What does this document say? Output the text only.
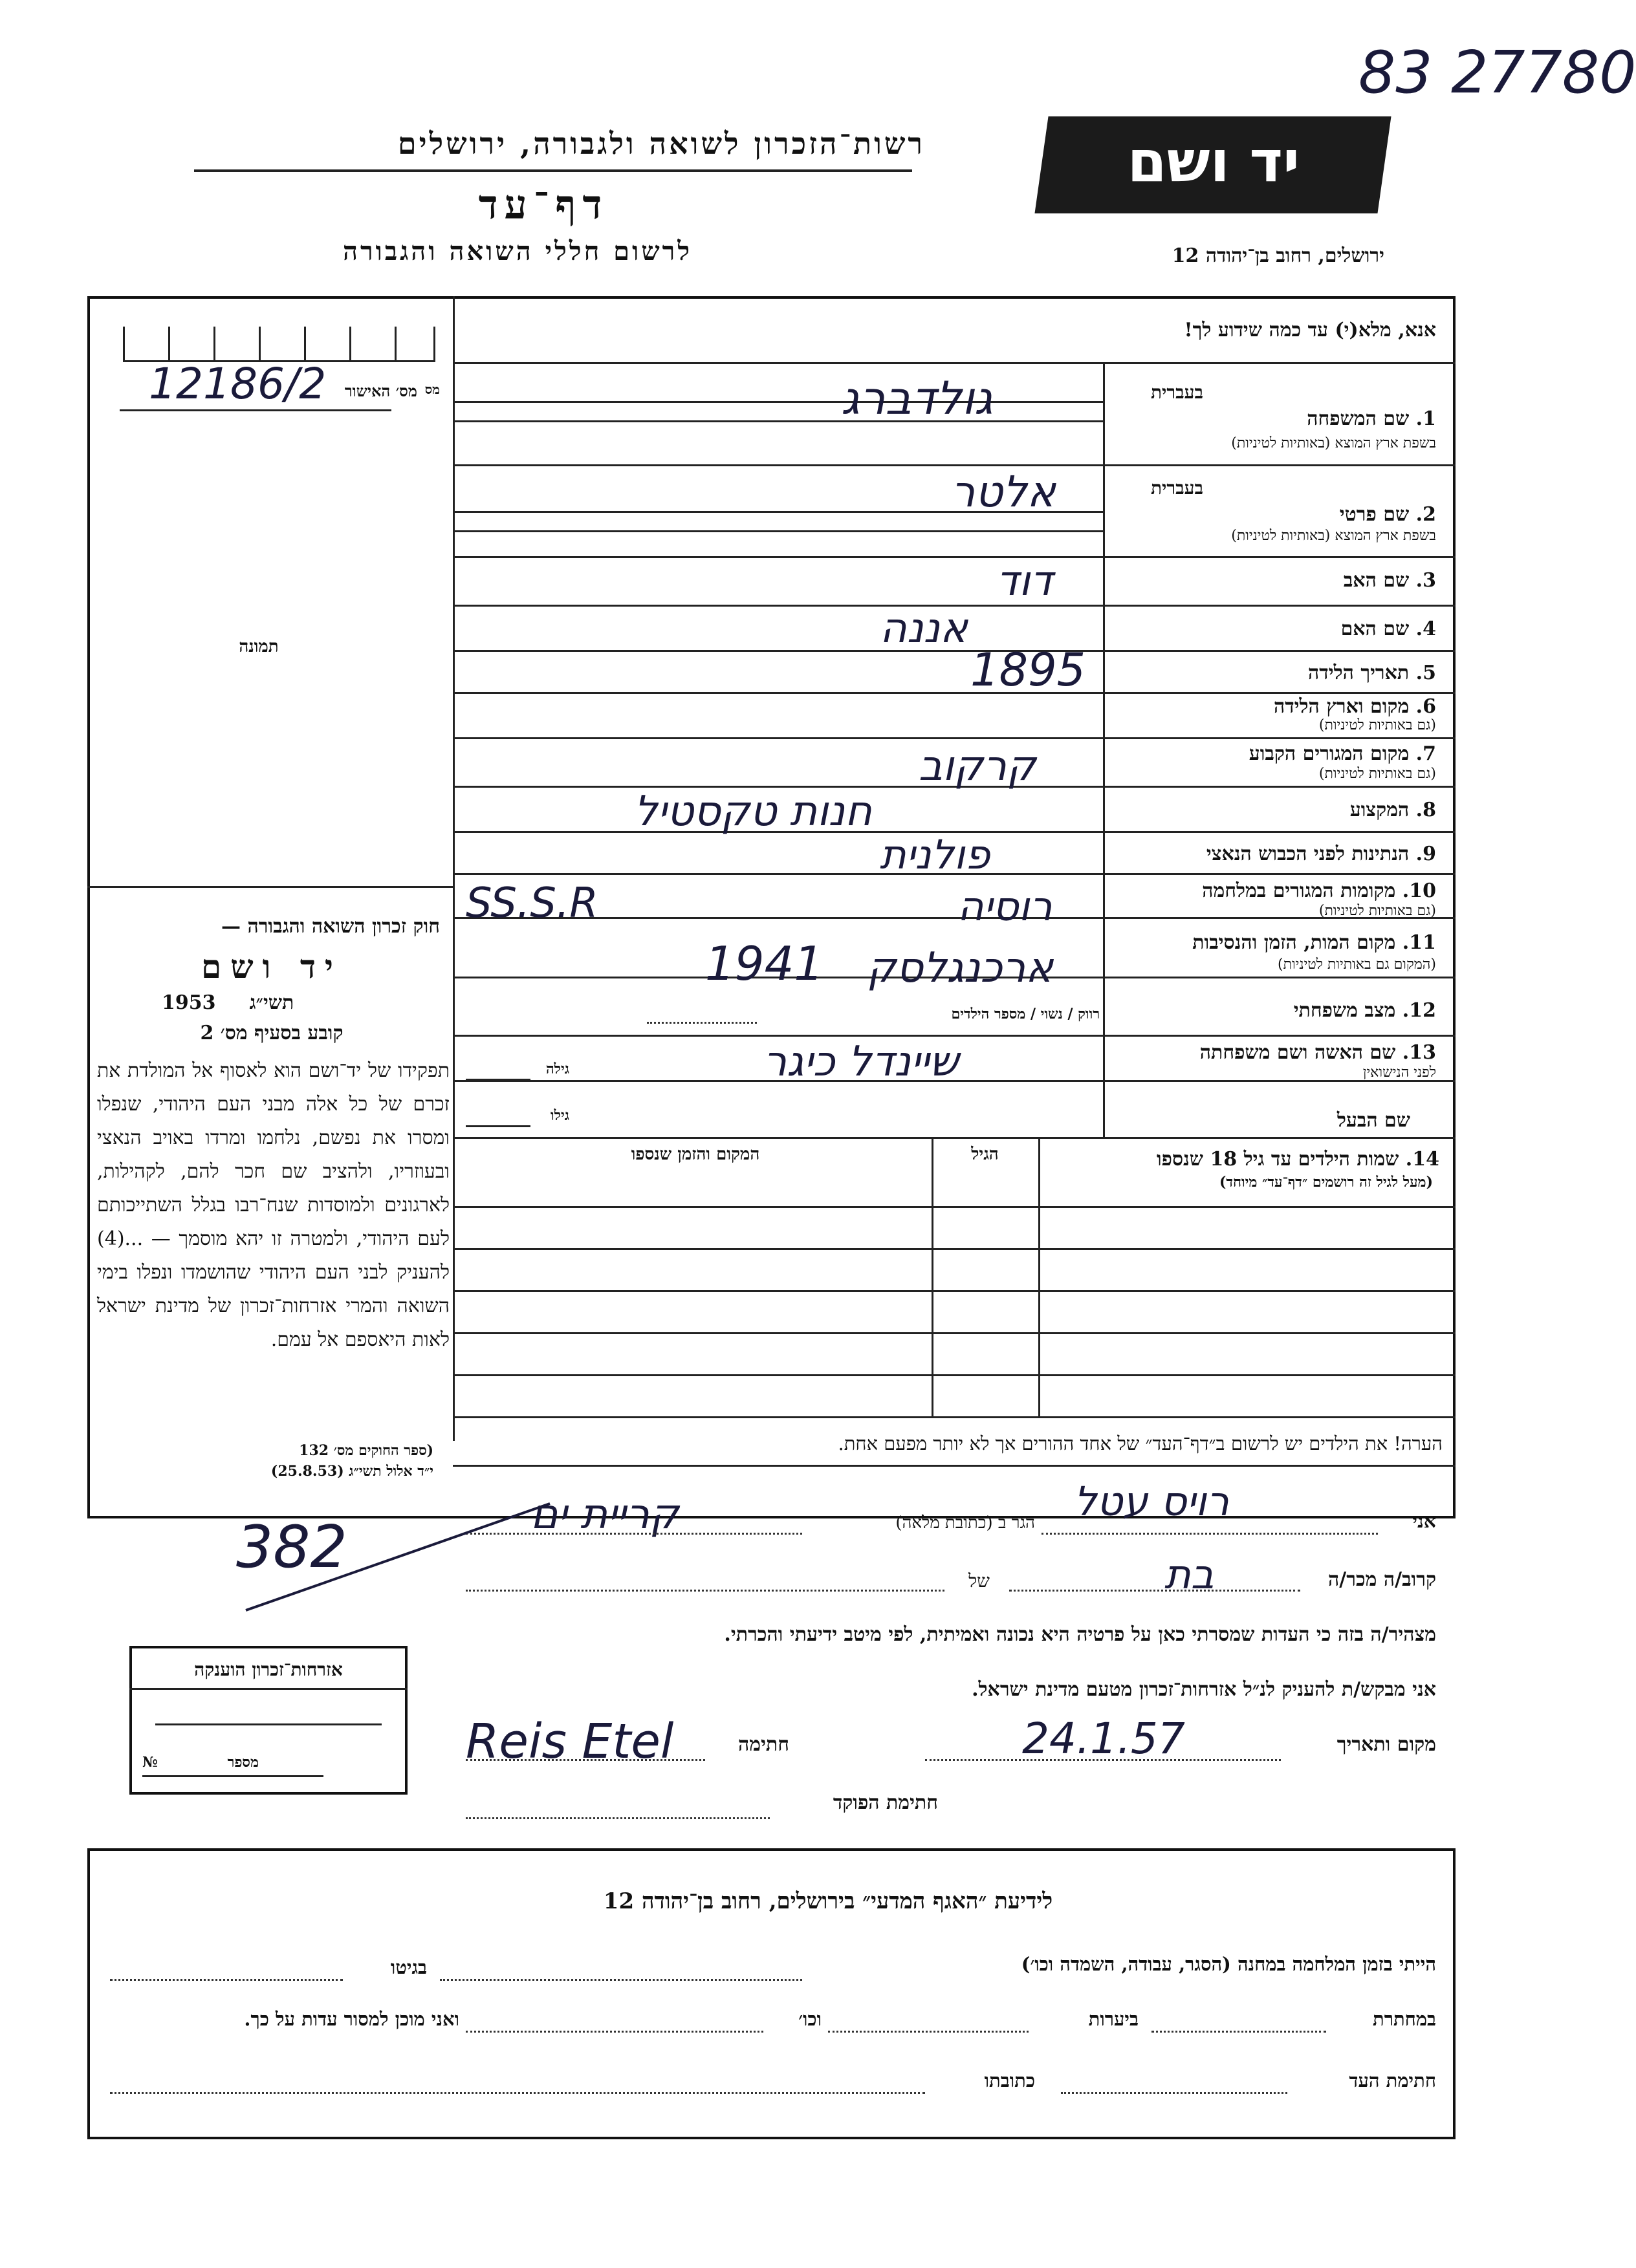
83 27780
רשות־הזכרון לשואה ולגבורה, ירושלים
דף־עד
לרשום חללי השואה והגבורה
יד ושם
ירושלים, רחוב בן־יהודה 12
אנא, מלא(י) עד כמה שידוע לך!
12186/2	מס׳ האישור מס
תמונה
חוק זכרון השואה והגבורה —
יד ושם
תשי״ג
1953
קובע בסעיף מס׳ 2
תפקידו של יד־ושם הוא לאסוף אל המולדת את זכרם של כל אלה מבני העם היהודי, שנפלו ומסרו את נפשם, נלחמו ומרדו באויב הנאצי ובעוזריו, ולהציב שם חכר להם, לקהילות, לארגונים ולמוסדות שנח־רבו בגלל השתייכותם לעם היהודי, ולמטרה זו יהא מוסמך — ...(4) להעניק לבני העם היהודי שהושמדו ונפלו בימי השואה והמרי אזרחות־זכרון של מדינת ישראל לאות היאספם אל עמם.
(ספר החוקים מס׳ 132
י״ד אלול תשי״ג (25.8.53)
בעברית
1. שם המשפחה
בשפת ארץ המוצא (באותיות לטיניות)
גולדברג
בעברית
2. שם פרטי
בשפת ארץ המוצא (באותיות לטיניות)
אלטר
3. שם האב
דוד
4. שם האם
אננה
5. תאריך הלידה
1895
6. מקום וארץ הלידה
(גם באותיות לטיניות)
7. מקום המגורים הקבוע
(גם באותיות לטיניות)
קרקוב
8. המקצוע
חנות טקסטיל
9. הנתינות לפני הכבוש הנאצי
פולנית
10. מקומות המגורים במלחמה
(גם באותיות לטיניות)
רוסיה
SS.S.R
11. מקום המות, הזמן והנסיבות
(המקום גם באותיות לטיניות)
ארכנגלסק
1941
12. מצב משפחתי
רווק / נשוי / מספר הילדים
13. שם האשה ושם משפחתה
לפני הנישואין
שיינדל כיגר
גילה
שם הבעל
גילו
14. שמות הילדים עד גיל 18 שנספו
(מעל לגיל זה רושמים ״דף־עד״ מיוחד)
הגיל
המקום והזמן שנספו
הערה! את הילדים יש לרשום ב״דף־העד״ של אחד ההורים אך לא יותר מפעם אחת.
אני
רויס עטל
הגר ב (כתובת מלאה)
קריית ים
382	קרוב/ה מכר/ה
בת
של
מצהיר/ה בזה כי העדות שמסרתי כאן על פרטיה היא נכונה ואמיתית, לפי מיטב ידיעתי והכרתי.
אני מבקש/ת להעניק לנ״ל אזרחות־זכרון מטעם מדינת ישראל.
מקום ותאריך
24.1.57
חתימה
Reis Etel
חתימת הפוקד
אזרחות־זכרון הוענקה
מספר
№
לידיעת ״האגף המדעי״ בירושלים, רחוב בן־יהודה 12
הייתי בזמן המלחמה במחנה (הסגר, עבודה, השמדה וכו׳)
בגיטו
במחתרת
ביערות
וכו׳
ואני מוכן למסור עדות על כך.
חתימת העד
כתובתו
